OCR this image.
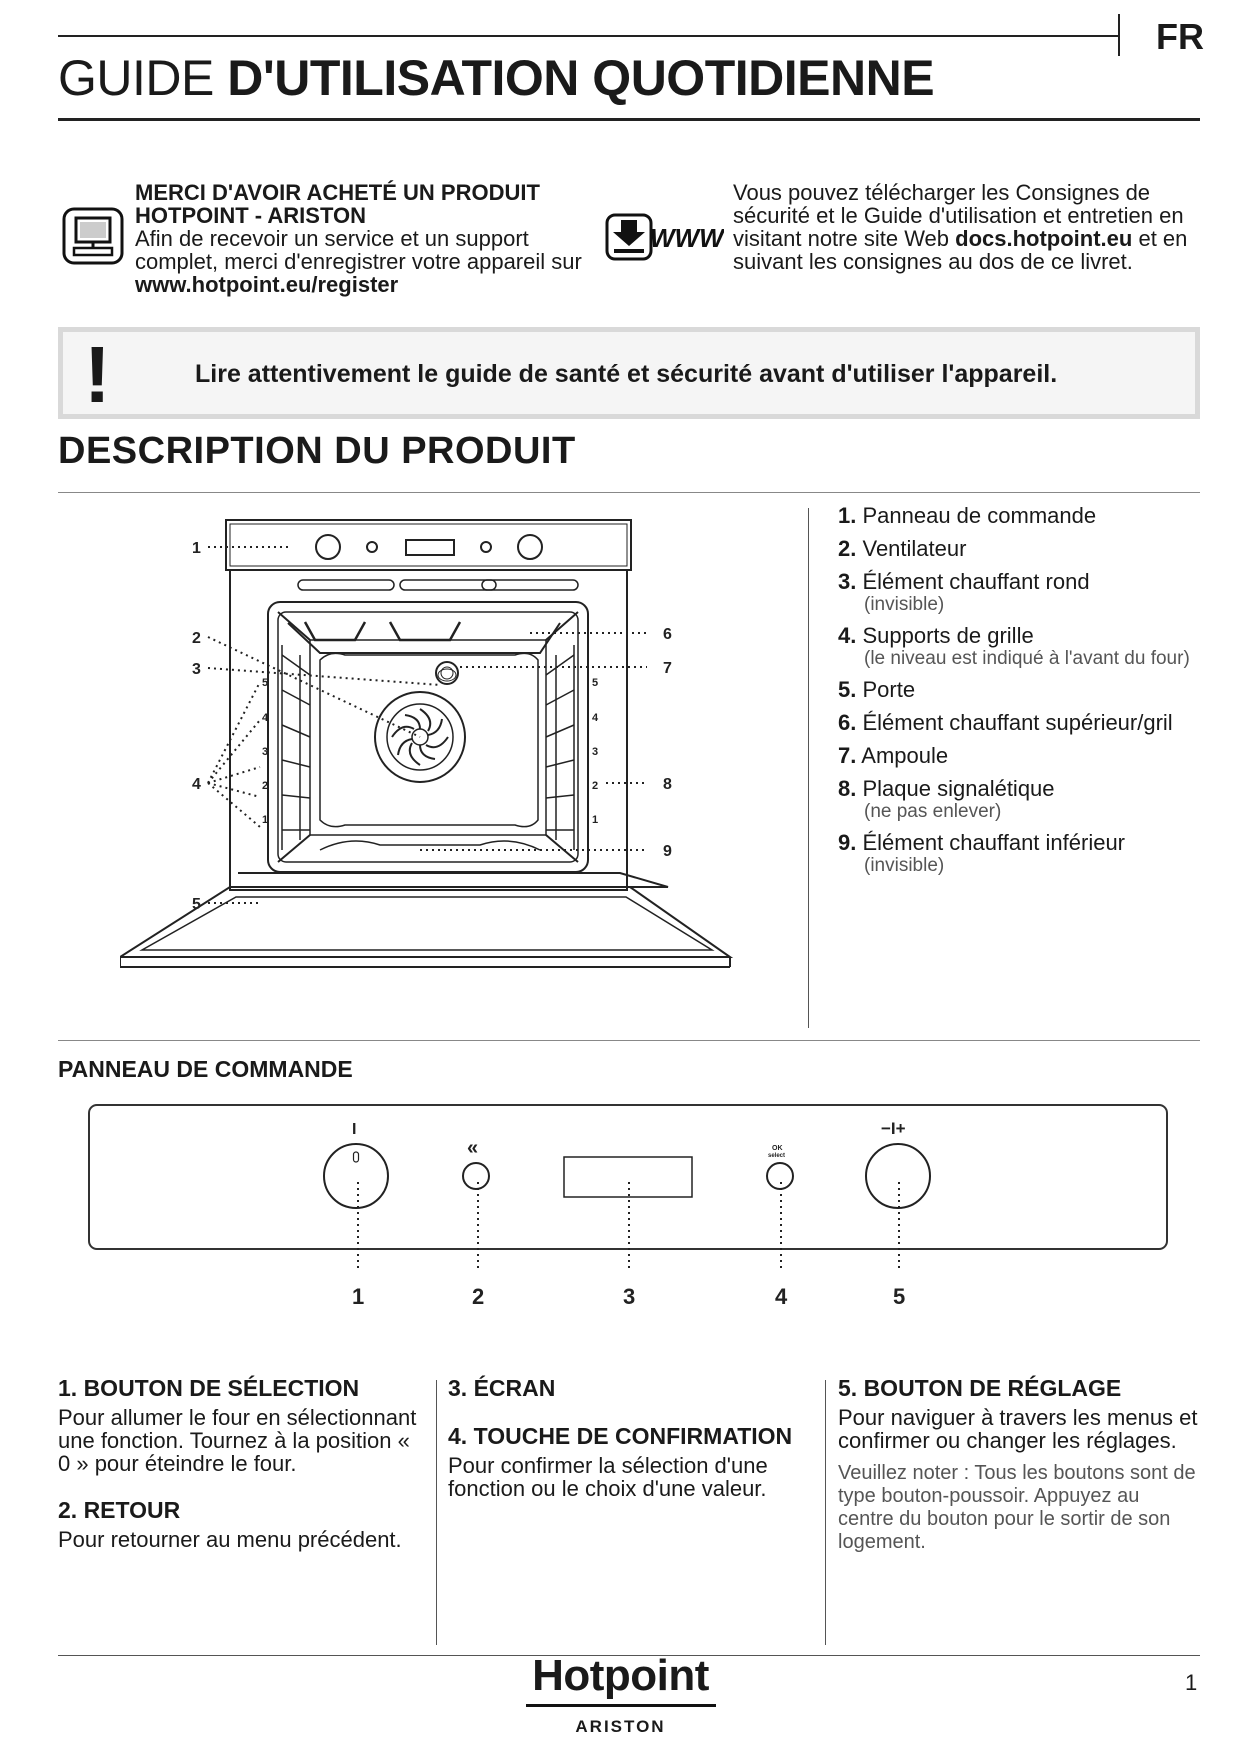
FR
GUIDE D'UTILISATION QUOTIDIENNE
MERCI D'AVOIR ACHETÉ UN PRODUIT
HOTPOINT - ARISTON
Afin de recevoir un service et un support complet, merci d'enregistrer votre appareil sur www.hotpoint.eu/register
WWW
Vous pouvez télécharger les Consignes de sécurité et le Guide d'utilisation et entretien en visitant notre site Web docs.hotpoint.eu et en suivant les consignes au dos de ce livret.
!	Lire attentivement le guide de santé et sécurité avant d'utiliser l'appareil.
DESCRIPTION DU PRODUIT
1
2
3
4
5
6
7
8
9
5
4
3
2
1
5
4
3
2
1
1. Panneau de commande
2. Ventilateur
3. Élément chauffant rond
(invisible)
4. Supports de grille
(le niveau est indiqué à l'avant du four)
5. Porte
6. Élément chauffant supérieur/gril
7. Ampoule
8. Plaque signalétique
(ne pas enlever)
9. Élément chauffant inférieur
(invisible)
PANNEAU DE COMMANDE
I
«	OK
select
−I+
1	2	3	4	5
1. BOUTON DE SÉLECTION

Pour allumer le four en sélectionnant une fonction. Tournez à la position « 0 » pour éteindre le four.

2. RETOUR

Pour retourner au menu précédent.

3. ÉCRAN
4. TOUCHE DE CONFIRMATION

Pour confirmer la sélection d'une fonction ou le choix d'une valeur.

5. BOUTON DE RÉGLAGE

Pour naviguer à travers les menus et confirmer ou changer les réglages.

Veuillez noter : Tous les boutons sont de type bouton-poussoir. Appuyez au centre du bouton pour le sortir de son logement.

Hotpoint
ARISTON
1
